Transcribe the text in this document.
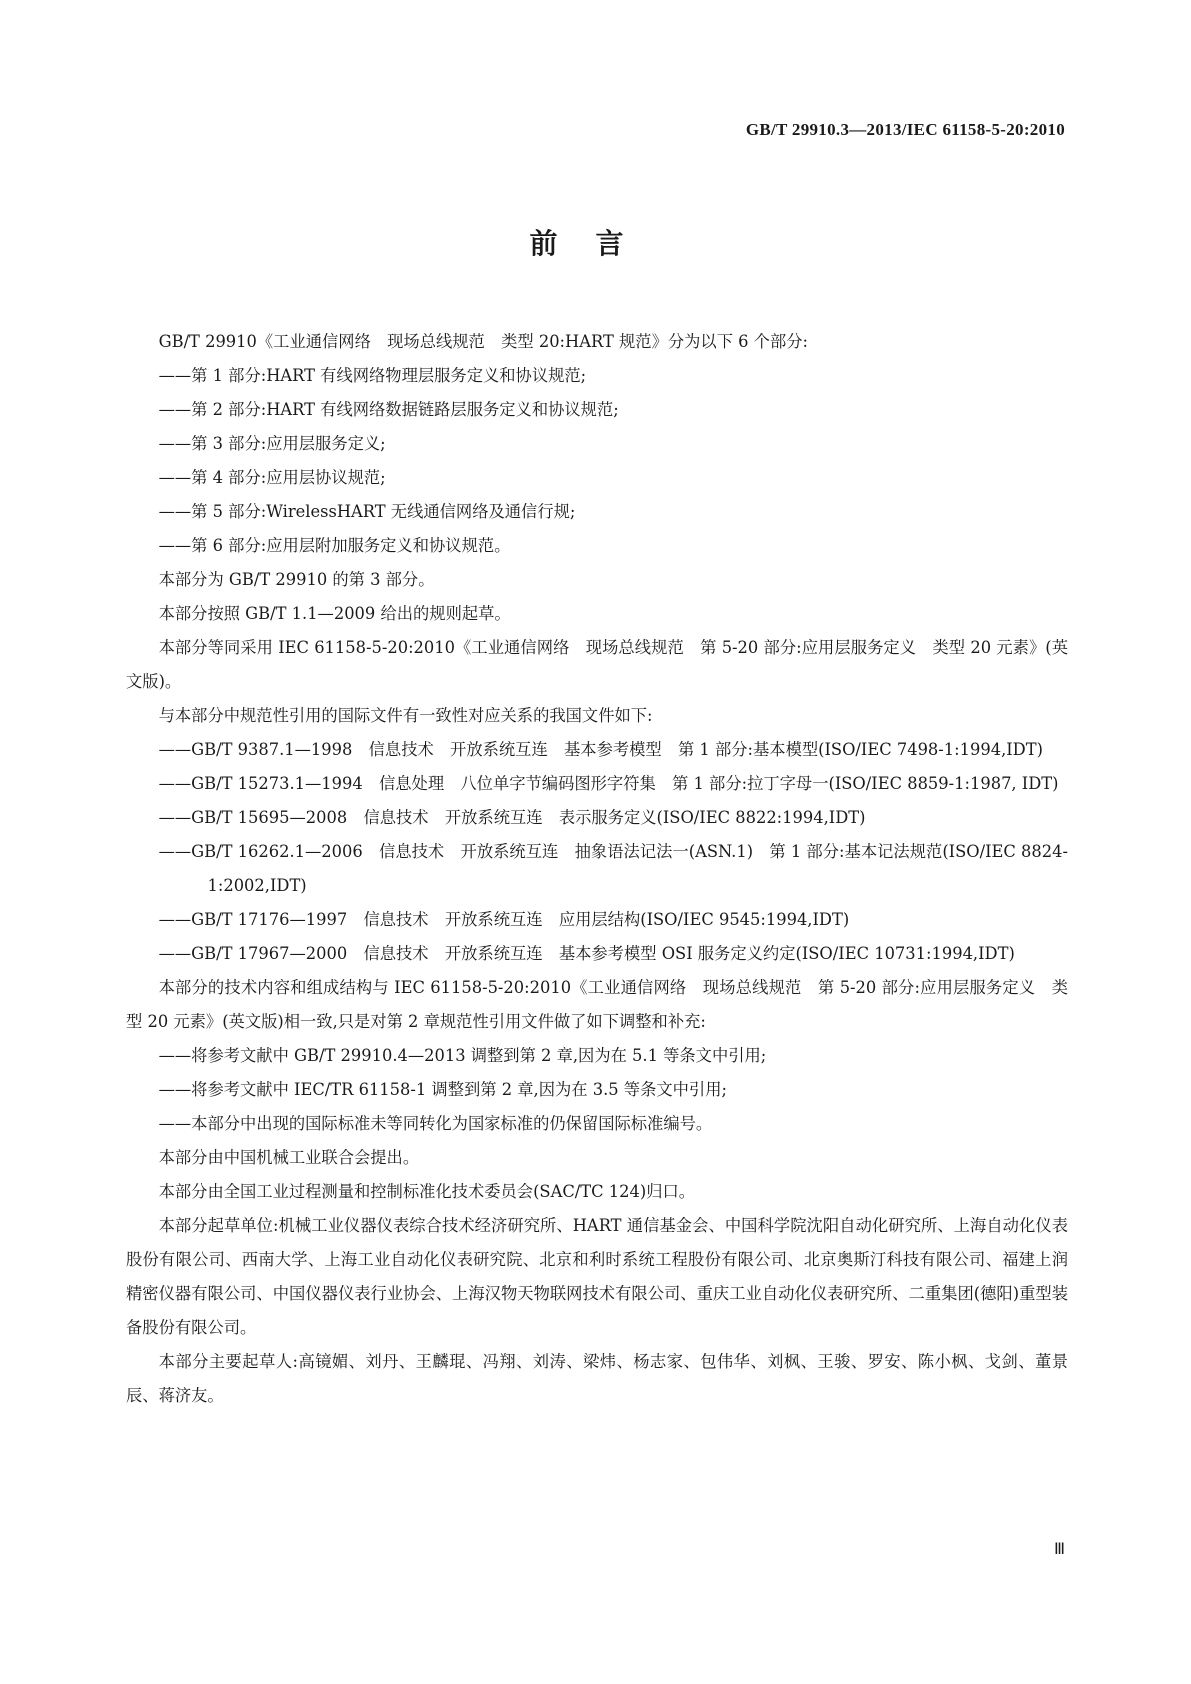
GB/T 29910.3—2013/IEC 61158-5-20:2010
前言
GB/T 29910《工业通信网络　现场总线规范　类型 20:HART 规范》分为以下 6 个部分:
——第 1 部分:HART 有线网络物理层服务定义和协议规范;
——第 2 部分:HART 有线网络数据链路层服务定义和协议规范;
——第 3 部分:应用层服务定义;
——第 4 部分:应用层协议规范;
——第 5 部分:WirelessHART 无线通信网络及通信行规;
——第 6 部分:应用层附加服务定义和协议规范。
本部分为 GB/T 29910 的第 3 部分。
本部分按照 GB/T 1.1—2009 给出的规则起草。
本部分等同采用 IEC 61158-5-20:2010《工业通信网络　现场总线规范　第 5-20 部分:应用层服务定义　类型 20 元素》(英文版)。
与本部分中规范性引用的国际文件有一致性对应关系的我国文件如下:
——GB/T 9387.1—1998　信息技术　开放系统互连　基本参考模型　第 1 部分:基本模型(ISO/IEC 7498-1:1994,IDT)
——GB/T 15273.1—1994　信息处理　八位单字节编码图形字符集　第 1 部分:拉丁字母一(ISO/IEC 8859-1:1987, IDT)
——GB/T 15695—2008　信息技术　开放系统互连　表示服务定义(ISO/IEC 8822:1994,IDT)
——GB/T 16262.1—2006　信息技术　开放系统互连　抽象语法记法一(ASN.1)　第 1 部分:基本记法规范(ISO/IEC 8824-1:2002,IDT)
——GB/T 17176—1997　信息技术　开放系统互连　应用层结构(ISO/IEC 9545:1994,IDT)
——GB/T 17967—2000　信息技术　开放系统互连　基本参考模型 OSI 服务定义约定(ISO/IEC 10731:1994,IDT)
本部分的技术内容和组成结构与 IEC 61158-5-20:2010《工业通信网络　现场总线规范　第 5-20 部分:应用层服务定义　类型 20 元素》(英文版)相一致,只是对第 2 章规范性引用文件做了如下调整和补充:
——将参考文献中 GB/T 29910.4—2013 调整到第 2 章,因为在 5.1 等条文中引用;
——将参考文献中 IEC/TR 61158-1 调整到第 2 章,因为在 3.5 等条文中引用;
——本部分中出现的国际标准未等同转化为国家标准的仍保留国际标准编号。
本部分由中国机械工业联合会提出。
本部分由全国工业过程测量和控制标准化技术委员会(SAC/TC 124)归口。
本部分起草单位:机械工业仪器仪表综合技术经济研究所、HART 通信基金会、中国科学院沈阳自动化研究所、上海自动化仪表股份有限公司、西南大学、上海工业自动化仪表研究院、北京和利时系统工程股份有限公司、北京奥斯汀科技有限公司、福建上润精密仪器有限公司、中国仪器仪表行业协会、上海汉物天物联网技术有限公司、重庆工业自动化仪表研究所、二重集团(德阳)重型装备股份有限公司。
本部分主要起草人:高镜媚、刘丹、王麟琨、冯翔、刘涛、梁炜、杨志家、包伟华、刘枫、王骏、罗安、陈小枫、戈剑、董景辰、蒋济友。
Ⅲ
